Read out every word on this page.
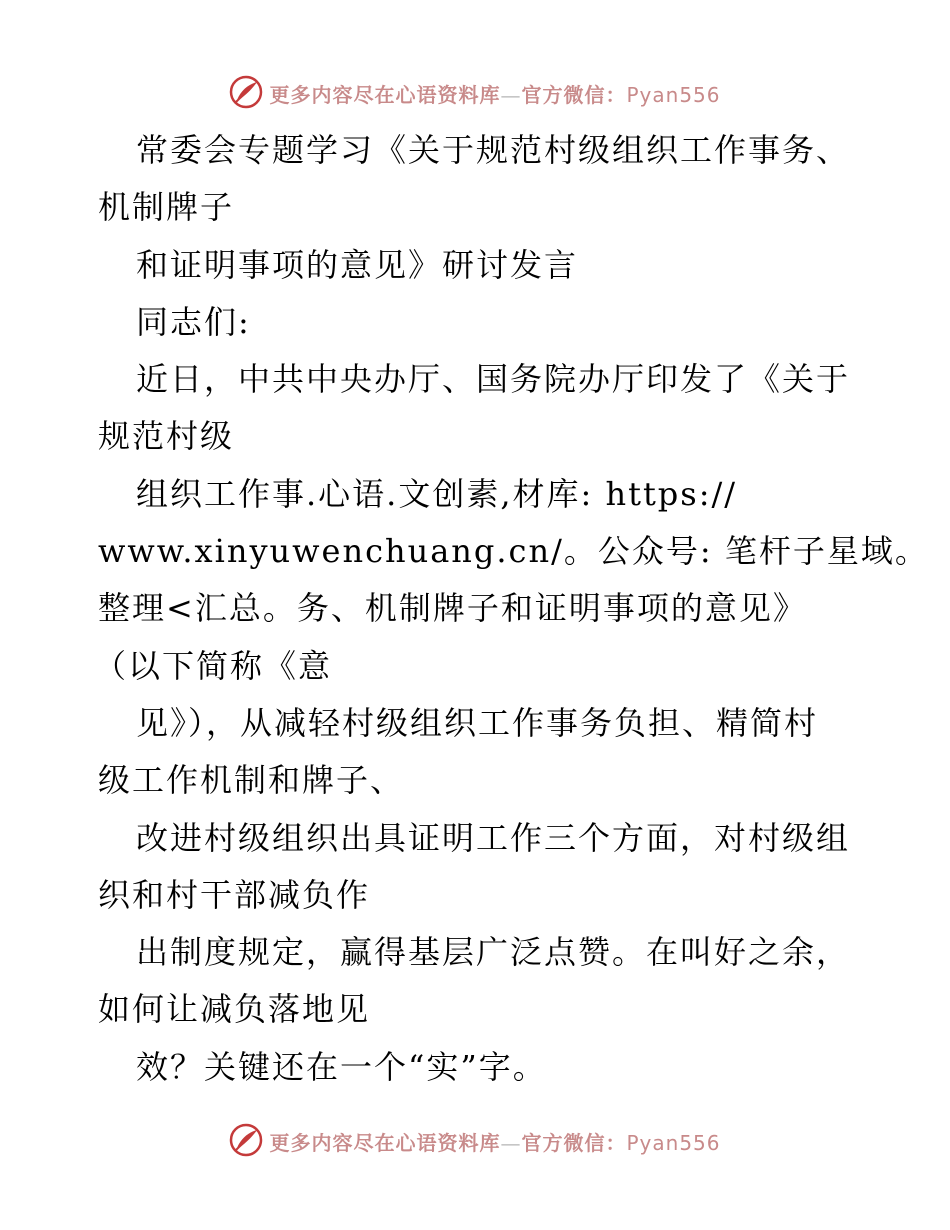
更多内容尽在心语资料库—官方微信：Pyan556
常委会专题学习《关于规范村级组织工作事务、
机制牌子
和证明事项的意见》研讨发言
同志们:
近日，中共中央办厅、国务院办厅印发了《关于
规范村级
组织工作事.心语.文创素,材库: https://
www.xinyuwenchuang.cn/。公众号: 笔杆子星域。
整理<汇总。务、机制牌子和证明事项的意见》
（以下简称《意
见》），从减轻村级组织工作事务负担、精简村
级工作机制和牌子、
改进村级组织出具证明工作三个方面，对村级组
织和村干部减负作
出制度规定，赢得基层广泛点赞。在叫好之余，
如何让减负落地见
效？关键还在一个“实”字。
更多内容尽在心语资料库—官方微信：Pyan556
